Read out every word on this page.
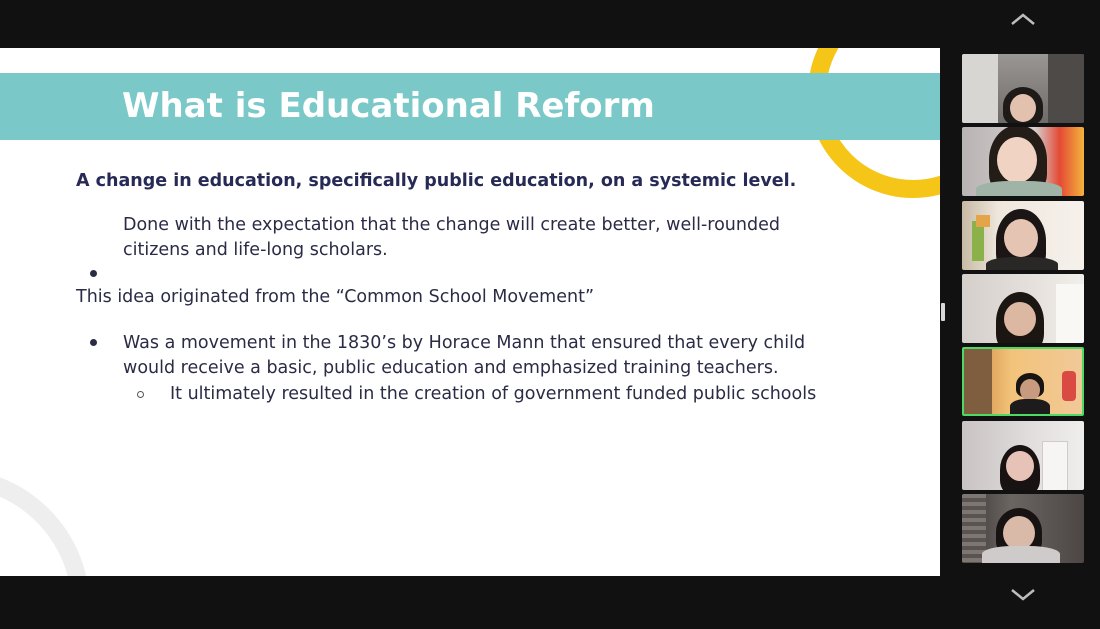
What is Educational Reform
A change in education, specifically public education, on a systemic level.
Done with the expectation that the change will create better, well-rounded
citizens and life-long scholars.
This idea originated from the “Common School Movement”
Was a movement in the 1830’s by Horace Mann that ensured that every child
would receive a basic, public education and emphasized training teachers.
It ultimately resulted in the creation of government funded public schools
